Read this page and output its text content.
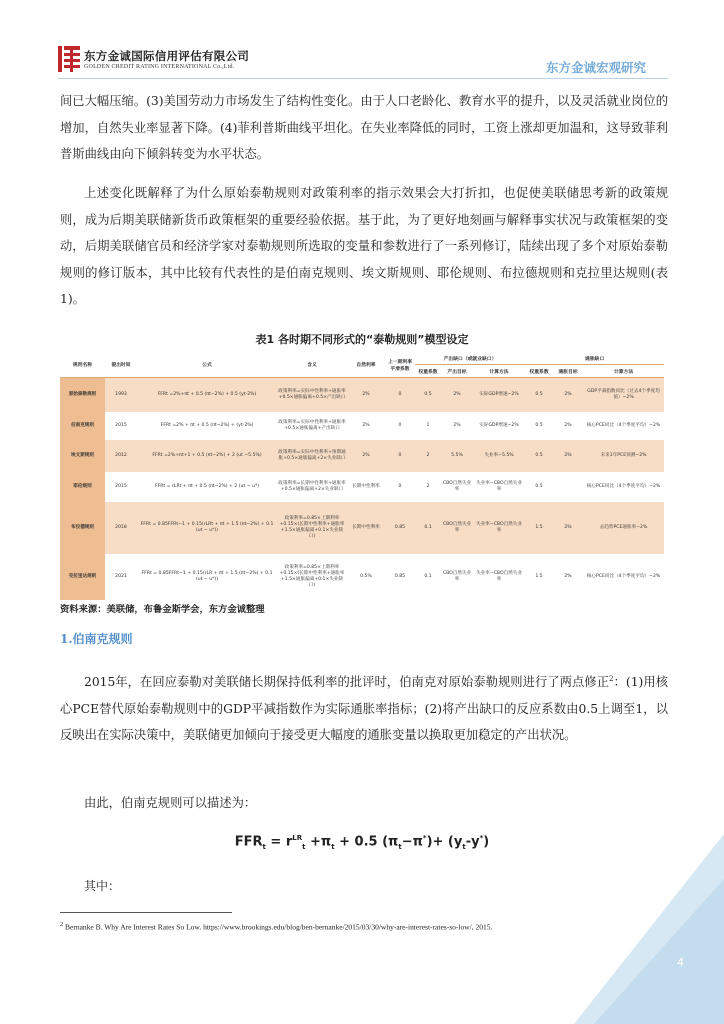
东方金诚国际信用评估有限公司
GOLDEN CREDIT RATING INTERNATIONAL Co.,Ltd.	东方金诚宏观研究
间已大幅压缩。(3)美国劳动力市场发生了结构性变化。由于人口老龄化、教育水平的提升，以及灵活就业岗位的增加，自然失业率显著下降。(4)菲利普斯曲线平坦化。在失业率降低的同时，工资上涨却更加温和，这导致菲利普斯曲线由向下倾斜转变为水平状态。
上述变化既解释了为什么原始泰勒规则对政策利率的指示效果会大打折扣，也促使美联储思考新的政策规则，成为后期美联储新货币政策框架的重要经验依据。基于此，为了更好地刻画与解释事实状况与政策框架的变动，后期美联储官员和经济学家对泰勒规则所选取的变量和参数进行了一系列修订，陆续出现了多个对原始泰勒规则的修订版本，其中比较有代表性的是伯南克规则、埃文斯规则、耶伦规则、布拉德规则和克拉里达规则(表1)。
表1 各时期不同形式的“泰勒规则”模型设定
规则名称	提出时间	公式	含义	自然利率	上一期利率平滑系数	产出缺口（或就业缺口）			通胀缺口		
						权重系数	产出目标	计算方法	权重系数	通胀目标	计算方法
原始泰勒规则	1993	FFRt =2%+πt + 0.5 (πt−2%) + 0.5 (yt-2%)	政策利率=实际中性利率+通胀率+0.5×通胀偏离+0.5×产出缺口	2%	0	0.5	2%	实际GDP增速−2%	0.5	2%	GDP平减指数同比（过去4个季度均值）−2%
伯南克规则	2015	FFRt =2% + πt + 0.5 (πt−2%) + (yt-2%)	政策利率=实际中性利率+通胀率+0.5×通胀偏离+产出缺口	2%	0	1	2%	实际GDP增速−2%	0.5	2%	核心PCE同比（4个季度平均）−2%
埃文斯规则	2012	FFRt =2%+πt+1 + 0.5 (πt−2%) + 2 (ut −5.5%)	政策利率=实际中性利率+预期通胀+0.5×通胀偏离+2×失业缺口	2%	0	2	5.5%	失业率−5.5%	0.5	2%	未来1年PCE预测−2%
耶伦规则	2015	FFRt = rLRt + πt + 0.5 (πt−2%) + 2 (ut − u*)	政策利率=长期中性利率+通胀率+0.5×通胀偏离+2×失业缺口	长期中性利率	0	2	CBO自然失业率	失业率−CBO自然失业率	0.5		核心PCE同比（4个季度平均）−2%
布拉德规则	2018	FFRt = 0.85FFRt−1 + 0.15(rLRt + πt + 1.5 (πt−2%) + 0.1 (ut − u*))	政策利率=0.85×上期利率+0.15×(长期中性利率+通胀率+1.5×通胀偏离+0.1×失业缺口)	长期中性利率	0.85	0.1	CBO自然失业率	失业率−CBO自然失业率	1.5	2%	去趋势PCE通胀率−2%
克拉里达规则	2021	FFRt = 0.85FFRt−1 + 0.15(rLR + πt + 1.5 (πt−2%) + 0.1 (ut − u*))	政策利率=0.85×上期利率+0.15×(长期中性利率+通胀率+1.5×通胀偏离+0.1×失业缺口)	0.5%	0.85	0.1	CBO自然失业率	失业率−CBO自然失业率	1.5	2%	核心PCE同比（4个季度平均）−2%
资料来源：美联储，布鲁金斯学会，东方金诚整理
1.伯南克规则
2015年，在回应泰勒对美联储长期保持低利率的批评时，伯南克对原始泰勒规则进行了两点修正$^2$：(1)用核心PCE替代原始泰勒规则中的GDP平减指数作为实际通胀率指标；(2)将产出缺口的反应系数由0.5上调至1，以反映出在实际决策中，美联储更加倾向于接受更大幅度的通胀变量以换取更加稳定的产出状况。
由此，伯南克规则可以描述为：
$FFR_t = r^{LR}_t +\pi_t + 0.5$ $(\pi_t-\pi^*)+ (y_t-y^*)$
其中：
$^2$ Bernanke B. Why Are Interest Rates So Low. https://www.brookings.edu/blog/ben-bernanke/2015/03/30/why-are-interest-rates-so-low/, 2015.
4
